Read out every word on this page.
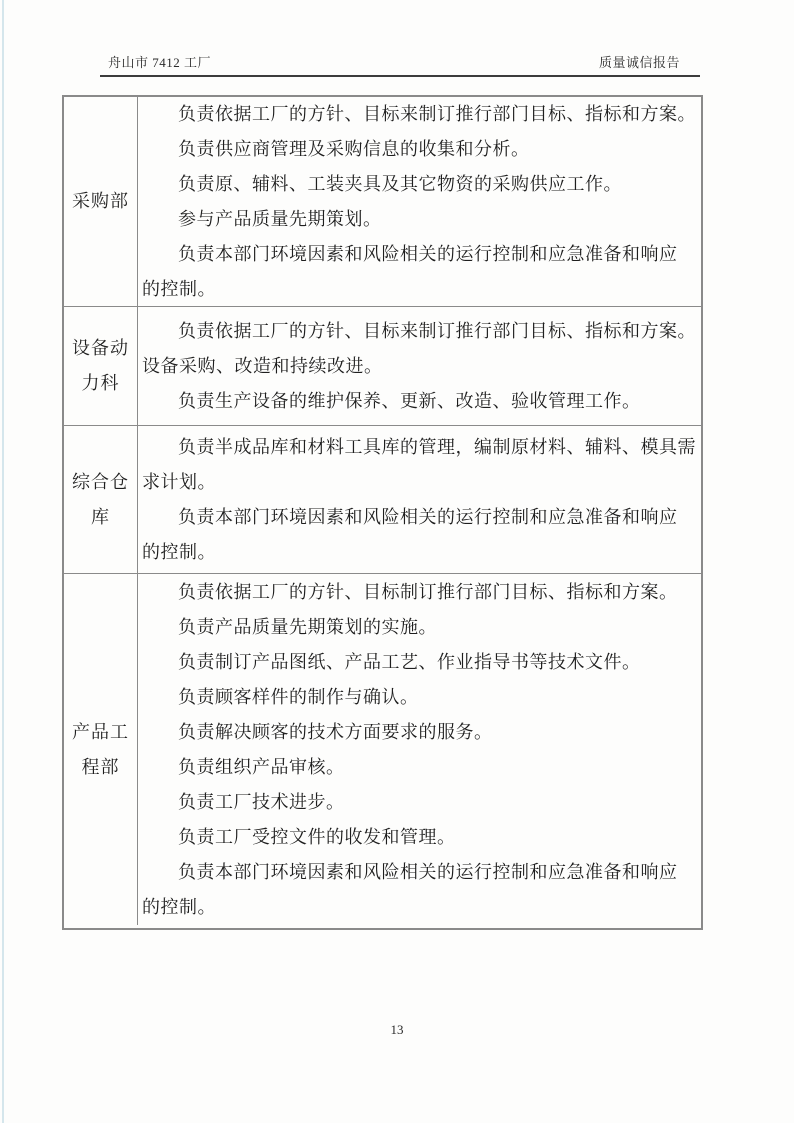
舟山市 7412 工厂	质量诚信报告
采购部
负责依据工厂的方针、目标来制订推行部门目标、指标和方案。
负责供应商管理及采购信息的收集和分析。
负责原、辅料、工装夹具及其它物资的采购供应工作。
参与产品质量先期策划。
负责本部门环境因素和风险相关的运行控制和应急准备和响应
的控制。
设备动
力科
负责依据工厂的方针、目标来制订推行部门目标、指标和方案。
设备采购、改造和持续改进。
负责生产设备的维护保养、更新、改造、验收管理工作。
综合仓
库
负责半成品库和材料工具库的管理，编制原材料、辅料、模具需
求计划。
负责本部门环境因素和风险相关的运行控制和应急准备和响应
的控制。
产品工
程部
负责依据工厂的方针、目标制订推行部门目标、指标和方案。
负责产品质量先期策划的实施。
负责制订产品图纸、产品工艺、作业指导书等技术文件。
负责顾客样件的制作与确认。
负责解决顾客的技术方面要求的服务。
负责组织产品审核。
负责工厂技术进步。
负责工厂受控文件的收发和管理。
负责本部门环境因素和风险相关的运行控制和应急准备和响应
的控制。
13
